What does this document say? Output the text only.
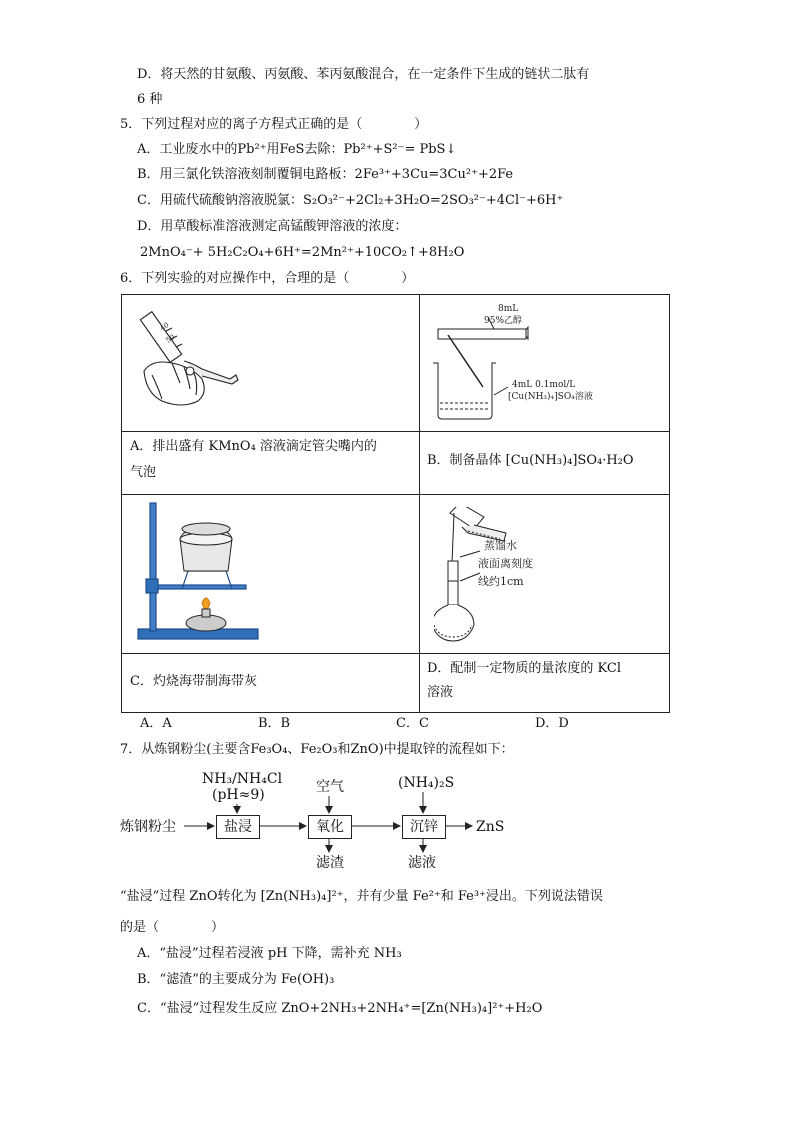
D．将天然的甘氨酸、丙氨酸、苯丙氨酸混合，在一定条件下生成的链状二肽有
6 种
5．下列过程对应的离子方程式正确的是（　　　　）
A．工业废水中的Pb²⁺用FeS去除：Pb²⁺+S²⁻= PbS↓
B．用三氯化铁溶液刻制覆铜电路板：2Fe³⁺+3Cu=3Cu²⁺+2Fe
C．用硫代硫酸钠溶液脱氯：S₂O₃²⁻+2Cl₂+3H₂O=2SO₃²⁻+4Cl⁻+6H⁺
D．用草酸标准溶液测定高锰酸钾溶液的浓度：
2MnO₄⁻+ 5H₂C₂O₄+6H⁺=2Mn²⁺+10CO₂↑+8H₂O
6．下列实验的对应操作中，合理的是（　　　　）
40
50
8mL
95%乙醇
4mL 0.1mol/L
[Cu(NH₃)₄]SO₄溶液
蒸馏水
液面离刻度
线约1cm
A．排出盛有 KMnO₄ 溶液滴定管尖嘴内的
气泡
B．制备晶体 [Cu(NH₃)₄]SO₄·H₂O
C．灼烧海带制海带灰
D．配制一定物质的量浓度的 KCl
溶液
A．A	B．B	C．C	D．D
7．从炼钢粉尘(主要含Fe₃O₄、Fe₂O₃和ZnO)中提取锌的流程如下：
NH₃/NH₄Cl
(pH≈9)	空气	(NH₄)₂S
炼钢粉尘	盐浸	氧化	沉锌	ZnS
滤渣	滤液
“盐浸”过程 ZnO转化为 [Zn(NH₃)₄]²⁺，并有少量 Fe²⁺和 Fe³⁺浸出。下列说法错误
的是（　　　　）
A．“盐浸”过程若浸液 pH 下降，需补充 NH₃
B．“滤渣”的主要成分为 Fe(OH)₃
C．“盐浸”过程发生反应 ZnO+2NH₃+2NH₄⁺=[Zn(NH₃)₄]²⁺+H₂O
